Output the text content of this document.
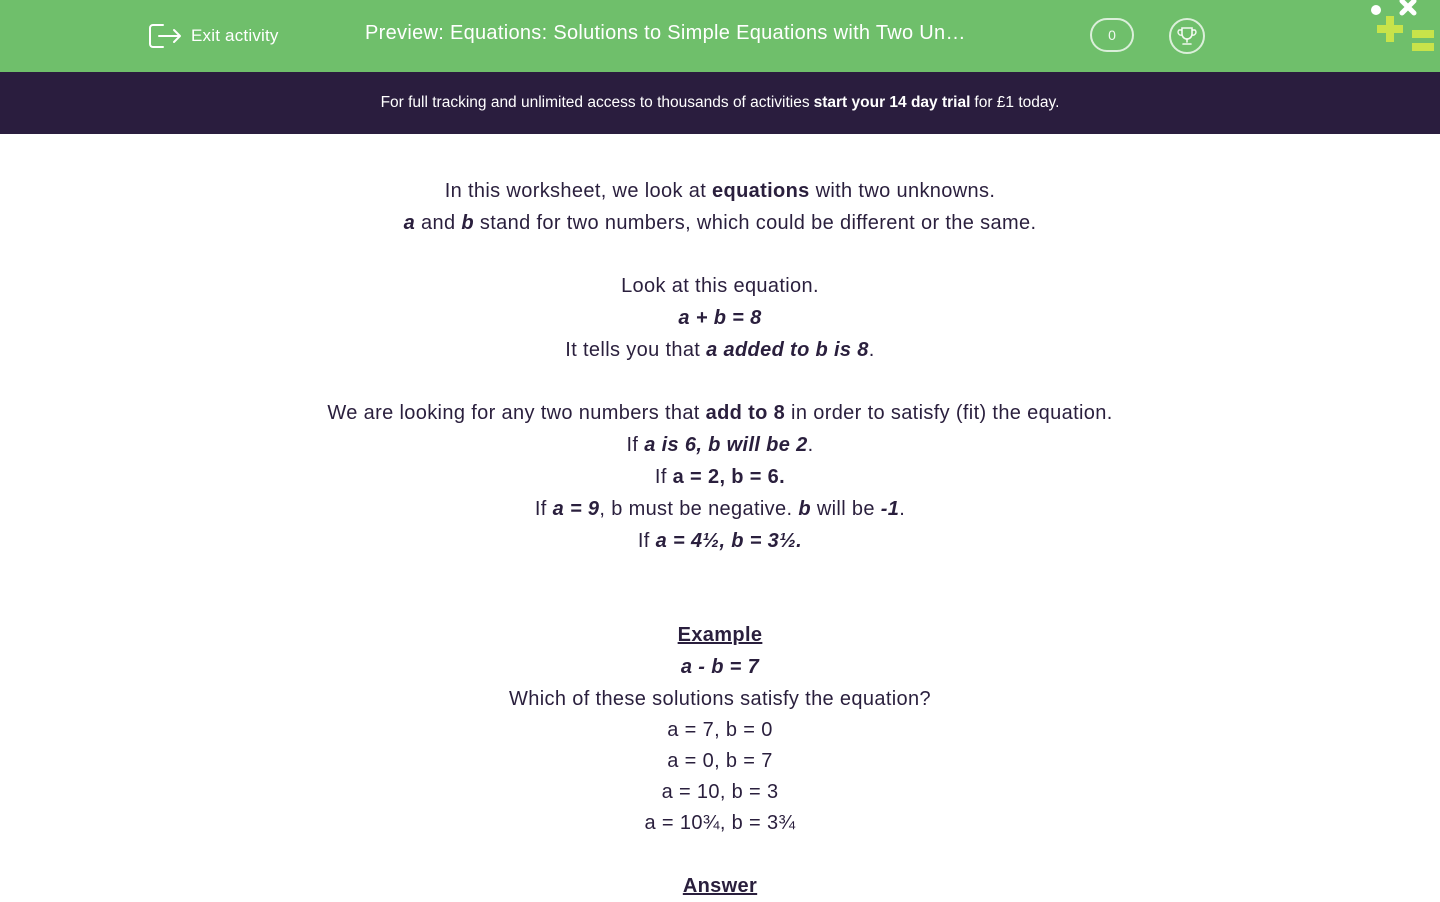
Exit activity	Preview: Equations: Solutions to Simple Equations with Two Un…	0
For full tracking and unlimited access to thousands of activities start your 14 day trial for £1 today.

In this worksheet, we look at equations with two unknowns.

a and b stand for two numbers, which could be different or the same.

Look at this equation.

a + b = 8

It tells you that a added to b is 8.

We are looking for any two numbers that add to 8 in order to satisfy (fit) the equation.

If a is 6, b will be 2.

If a = 2, b = 6.

If a = 9, b must be negative. b will be -1.

If a = 4½, b = 3½.

Example

a - b = 7

Which of these solutions satisfy the equation?

a = 7, b = 0

a = 0, b = 7

a = 10, b = 3

a = 10¾, b = 3¾

Answer
